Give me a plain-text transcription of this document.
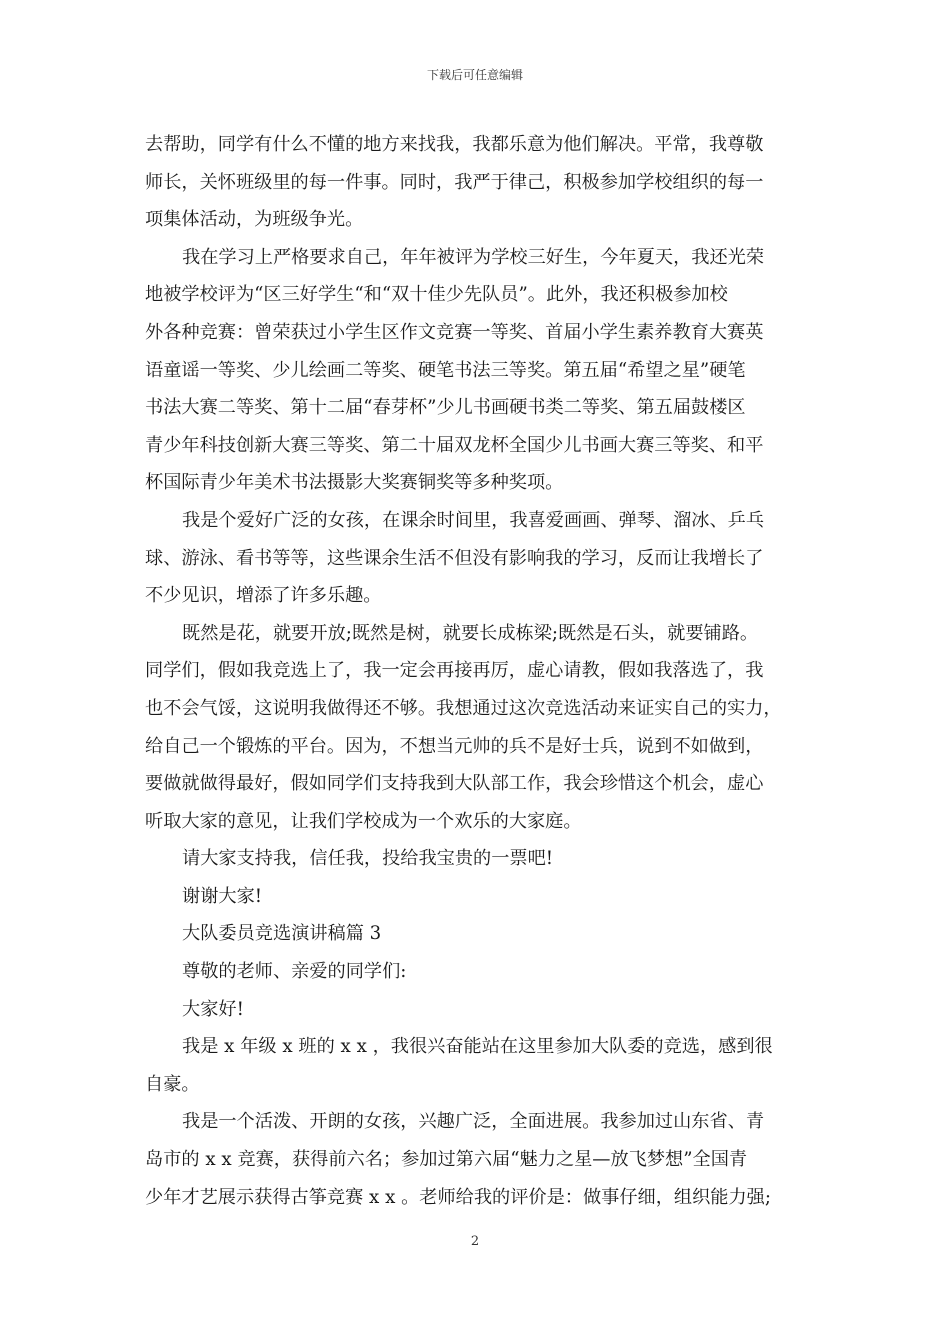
下载后可任意编辑
去帮助，同学有什么不懂的地方来找我，我都乐意为他们解决。平常，我尊敬
师长，关怀班级里的每一件事。同时，我严于律己，积极参加学校组织的每一
项集体活动，为班级争光。
我在学习上严格要求自己，年年被评为学校三好生，今年夏天，我还光荣
地被学校评为“区三好学生“和“双十佳少先队员”。此外，我还积极参加校
外各种竞赛：曾荣获过小学生区作文竞赛一等奖、首届小学生素养教育大赛英
语童谣一等奖、少儿绘画二等奖、硬笔书法三等奖。第五届“希望之星”硬笔
书法大赛二等奖、第十二届“春芽杯”少儿书画硬书类二等奖、第五届鼓楼区
青少年科技创新大赛三等奖、第二十届双龙杯全国少儿书画大赛三等奖、和平
杯国际青少年美术书法摄影大奖赛铜奖等多种奖项。
我是个爱好广泛的女孩，在课余时间里，我喜爱画画、弹琴、溜冰、乒乓
球、游泳、看书等等，这些课余生活不但没有影响我的学习，反而让我增长了
不少见识，增添了许多乐趣。
既然是花，就要开放;既然是树，就要长成栋梁;既然是石头，就要铺路。
同学们，假如我竞选上了，我一定会再接再厉，虚心请教，假如我落选了，我
也不会气馁，这说明我做得还不够。我想通过这次竞选活动来证实自己的实力，
给自己一个锻炼的平台。因为，不想当元帅的兵不是好士兵，说到不如做到，
要做就做得最好，假如同学们支持我到大队部工作，我会珍惜这个机会，虚心
听取大家的意见，让我们学校成为一个欢乐的大家庭。
请大家支持我，信任我，投给我宝贵的一票吧!
谢谢大家!
大队委员竞选演讲稿篇 3
尊敬的老师、亲爱的同学们:
大家好!
我是 x 年级 x 班的 x x ，我很兴奋能站在这里参加大队委的竞选，感到很
自豪。
我是一个活泼、开朗的女孩，兴趣广泛，全面进展。我参加过山东省、青
岛市的 x x 竞赛，获得前六名；参加过第六届“魅力之星—放飞梦想”全国青
少年才艺展示获得古筝竞赛 x x 。老师给我的评价是：做事仔细，组织能力强;
2
